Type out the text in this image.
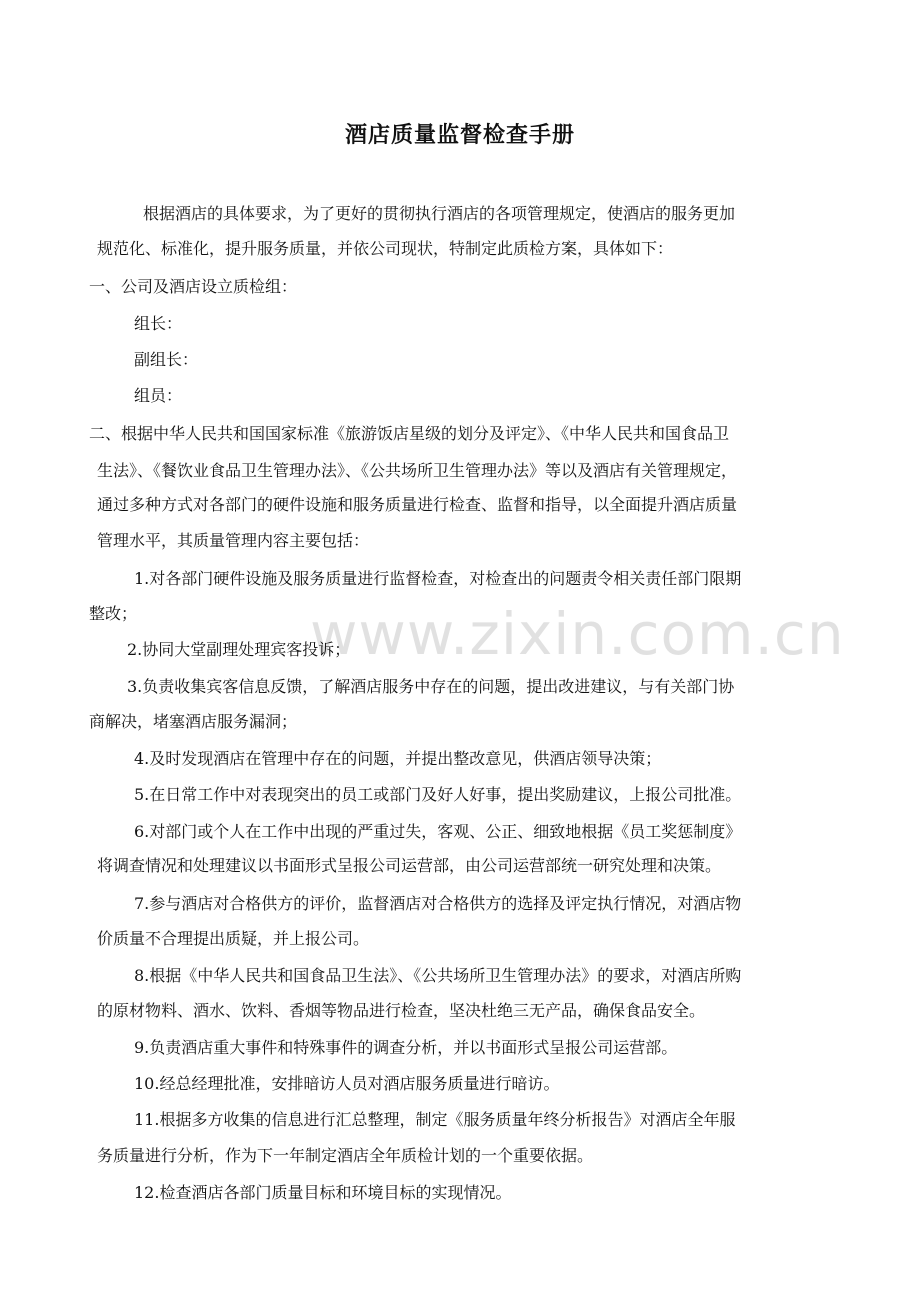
酒店质量监督检查手册
www.zixin.com.cn
根据酒店的具体要求，为了更好的贯彻执行酒店的各项管理规定，使酒店的服务更加
规范化、标准化，提升服务质量，并依公司现状，特制定此质检方案，具体如下：
一、公司及酒店设立质检组：
组长：
副组长：
组员：
二、根据中华人民共和国国家标准《旅游饭店星级的划分及评定》、《中华人民共和国食品卫
生法》、《餐饮业食品卫生管理办法》、《公共场所卫生管理办法》等以及酒店有关管理规定，
通过多种方式对各部门的硬件设施和服务质量进行检查、监督和指导，以全面提升酒店质量
管理水平，其质量管理内容主要包括：
1.对各部门硬件设施及服务质量进行监督检查，对检查出的问题责令相关责任部门限期
整改；
2.协同大堂副理处理宾客投诉；
3.负责收集宾客信息反馈，了解酒店服务中存在的问题，提出改进建议，与有关部门协
商解决，堵塞酒店服务漏洞；
4.及时发现酒店在管理中存在的问题，并提出整改意见，供酒店领导决策；
5.在日常工作中对表现突出的员工或部门及好人好事，提出奖励建议，上报公司批准。
6.对部门或个人在工作中出现的严重过失，客观、公正、细致地根据《员工奖惩制度》
将调查情况和处理建议以书面形式呈报公司运营部，由公司运营部统一研究处理和决策。
7.参与酒店对合格供方的评价，监督酒店对合格供方的选择及评定执行情况，对酒店物
价质量不合理提出质疑，并上报公司。
8.根据《中华人民共和国食品卫生法》、《公共场所卫生管理办法》的要求，对酒店所购
的原材物料、酒水、饮料、香烟等物品进行检查，坚决杜绝三无产品，确保食品安全。
9.负责酒店重大事件和特殊事件的调查分析，并以书面形式呈报公司运营部。
10.经总经理批准，安排暗访人员对酒店服务质量进行暗访。
11.根据多方收集的信息进行汇总整理，制定《服务质量年终分析报告》对酒店全年服
务质量进行分析，作为下一年制定酒店全年质检计划的一个重要依据。
12.检查酒店各部门质量目标和环境目标的实现情况。
